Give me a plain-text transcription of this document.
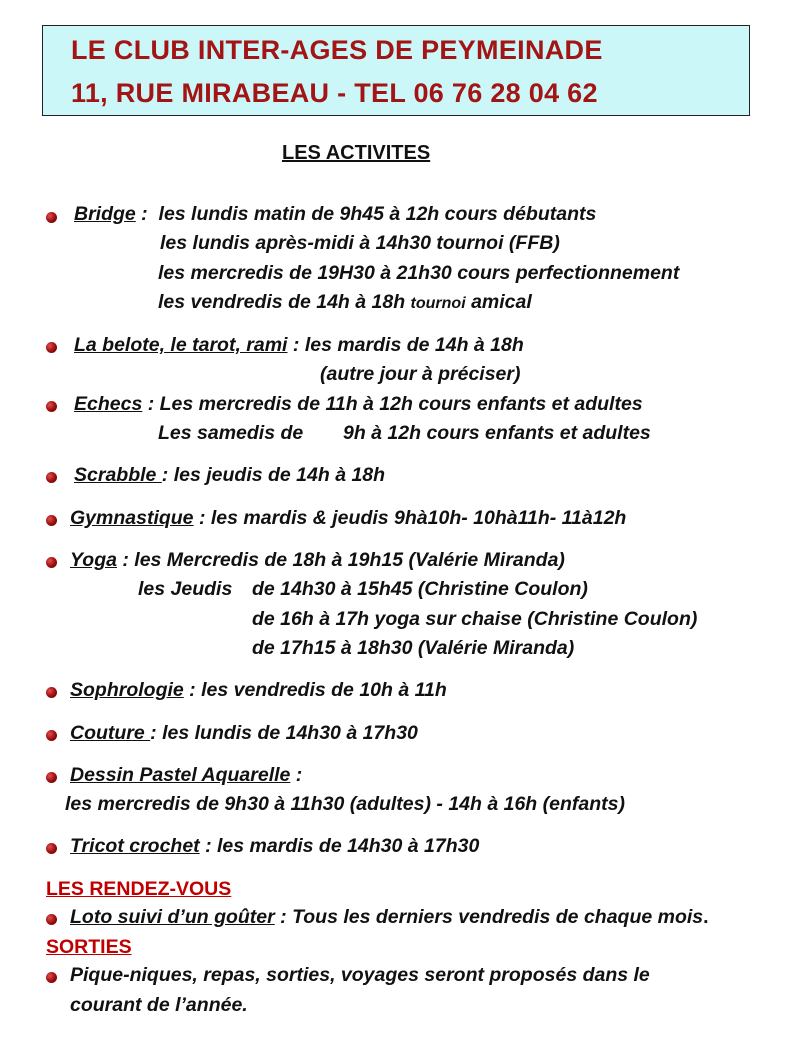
LE CLUB INTER-AGES DE PEYMEINADE
11, RUE MIRABEAU - TEL 06 76 28 04 62
LES ACTIVITES
Bridge : les lundis matin de 9h45 à 12h cours débutants
les lundis après-midi à 14h30 tournoi (FFB)
les mercredis de 19H30 à 21h30 cours perfectionnement
les vendredis de 14h à 18h tournoi amical
La belote, le tarot, rami : les mardis de 14h à 18h
(autre jour à préciser)
Echecs : Les mercredis de 11h à 12h cours enfants et adultes
Les samedis de 9h à 12h cours enfants et adultes
Scrabble : les jeudis de 14h à 18h
Gymnastique : les mardis & jeudis 9hà10h- 10hà11h- 11à12h
Yoga : les Mercredis de 18h à 19h15 (Valérie Miranda)
les Jeudis de 14h30 à 15h45 (Christine Coulon)
de 16h à 17h yoga sur chaise (Christine Coulon)
de 17h15 à 18h30 (Valérie Miranda)
Sophrologie : les vendredis de 10h à 11h
Couture : les lundis de 14h30 à 17h30
Dessin Pastel Aquarelle :
les mercredis de 9h30 à 11h30 (adultes) - 14h à 16h (enfants)
Tricot crochet : les mardis de 14h30 à 17h30
LES RENDEZ-VOUS
Loto suivi d’un goûter : Tous les derniers vendredis de chaque mois.
SORTIES
Pique-niques, repas, sorties, voyages seront proposés dans le
courant de l’année.
